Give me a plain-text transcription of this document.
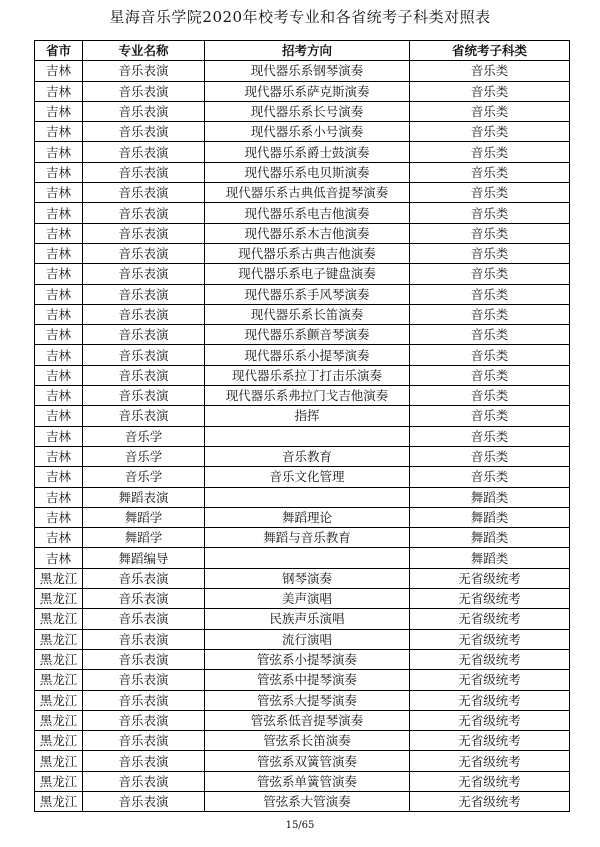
星海音乐学院2020年校考专业和各省统考子科类对照表
省市	专业名称	招考方向	省统考子科类
吉林	音乐表演	现代器乐系钢琴演奏	音乐类
吉林	音乐表演	现代器乐系萨克斯演奏	音乐类
吉林	音乐表演	现代器乐系长号演奏	音乐类
吉林	音乐表演	现代器乐系小号演奏	音乐类
吉林	音乐表演	现代器乐系爵士鼓演奏	音乐类
吉林	音乐表演	现代器乐系电贝斯演奏	音乐类
吉林	音乐表演	现代器乐系古典低音提琴演奏	音乐类
吉林	音乐表演	现代器乐系电吉他演奏	音乐类
吉林	音乐表演	现代器乐系木吉他演奏	音乐类
吉林	音乐表演	现代器乐系古典吉他演奏	音乐类
吉林	音乐表演	现代器乐系电子键盘演奏	音乐类
吉林	音乐表演	现代器乐系手风琴演奏	音乐类
吉林	音乐表演	现代器乐系长笛演奏	音乐类
吉林	音乐表演	现代器乐系颤音琴演奏	音乐类
吉林	音乐表演	现代器乐系小提琴演奏	音乐类
吉林	音乐表演	现代器乐系拉丁打击乐演奏	音乐类
吉林	音乐表演	现代器乐系弗拉门戈吉他演奏	音乐类
吉林	音乐表演	指挥	音乐类
吉林	音乐学		音乐类
吉林	音乐学	音乐教育	音乐类
吉林	音乐学	音乐文化管理	音乐类
吉林	舞蹈表演		舞蹈类
吉林	舞蹈学	舞蹈理论	舞蹈类
吉林	舞蹈学	舞蹈与音乐教育	舞蹈类
吉林	舞蹈编导		舞蹈类
黑龙江	音乐表演	钢琴演奏	无省级统考
黑龙江	音乐表演	美声演唱	无省级统考
黑龙江	音乐表演	民族声乐演唱	无省级统考
黑龙江	音乐表演	流行演唱	无省级统考
黑龙江	音乐表演	管弦系小提琴演奏	无省级统考
黑龙江	音乐表演	管弦系中提琴演奏	无省级统考
黑龙江	音乐表演	管弦系大提琴演奏	无省级统考
黑龙江	音乐表演	管弦系低音提琴演奏	无省级统考
黑龙江	音乐表演	管弦系长笛演奏	无省级统考
黑龙江	音乐表演	管弦系双簧管演奏	无省级统考
黑龙江	音乐表演	管弦系单簧管演奏	无省级统考
黑龙江	音乐表演	管弦系大管演奏	无省级统考
15/65
